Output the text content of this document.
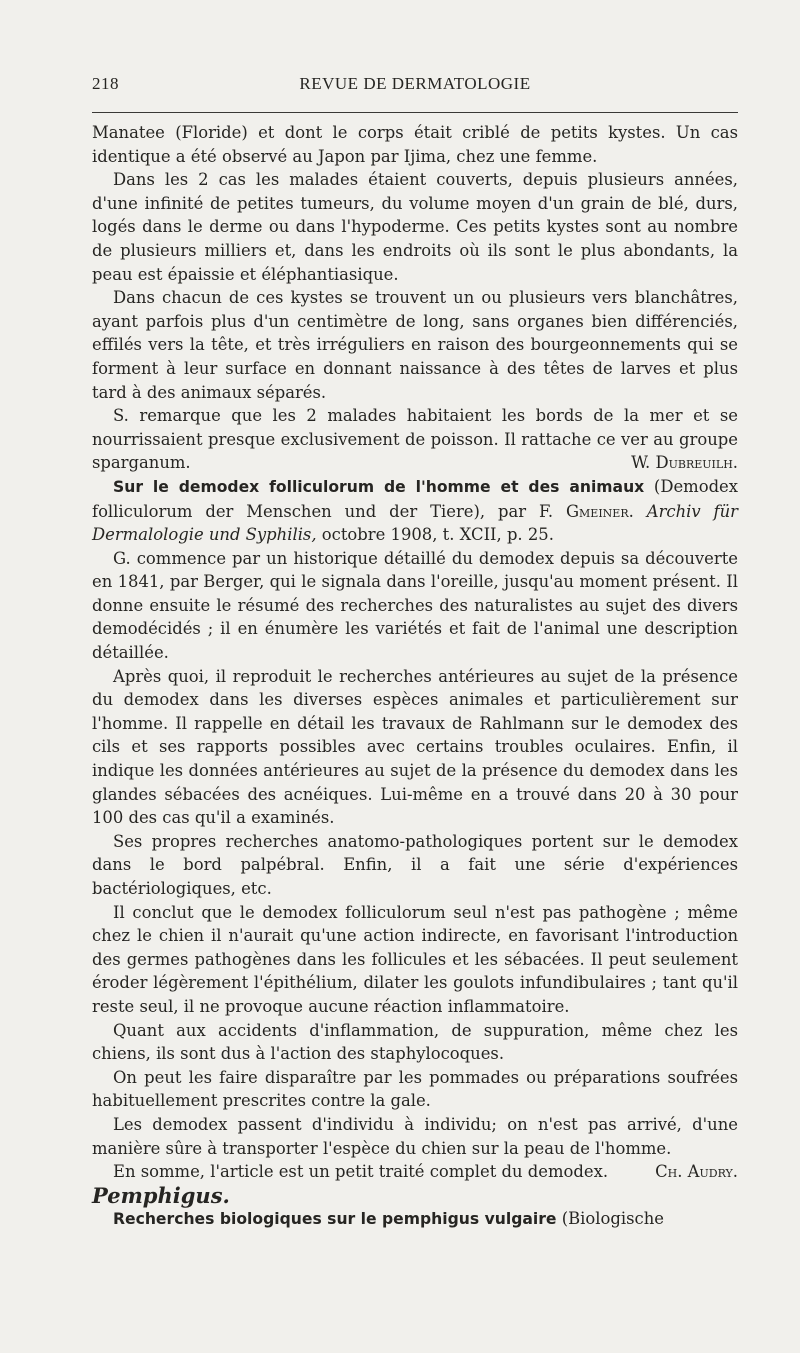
218	REVUE DE DERMATOLOGIE

Manatee (Floride) et dont le corps était criblé de petits kystes. Un cas identique a été observé au Japon par Ijima, chez une femme.

Dans les 2 cas les malades étaient couverts, depuis plusieurs années, d'une infinité de petites tumeurs, du volume moyen d'un grain de blé, durs, logés dans le derme ou dans l'hypoderme. Ces petits kystes sont au nombre de plusieurs milliers et, dans les endroits où ils sont le plus abondants, la peau est épaissie et éléphantiasique.

Dans chacun de ces kystes se trouvent un ou plusieurs vers blanchâtres, ayant parfois plus d'un centimètre de long, sans organes bien différenciés, effilés vers la tête, et très irréguliers en raison des bourgeonnements qui se forment à leur surface en donnant naissance à des têtes de larves et plus tard à des animaux séparés.

S. remarque que les 2 malades habitaient les bords de la mer et se nourrissaient presque exclusivement de poisson. Il rattache ce ver au groupe sparganum.	W. Dubreuilh.

Sur le demodex folliculorum de l'homme et des animaux (Demodex folliculorum der Menschen und der Tiere), par F. Gmeiner. Archiv für Dermalologie und Syphilis, octobre 1908, t. XCII, p. 25.

G. commence par un historique détaillé du demodex depuis sa découverte en 1841, par Berger, qui le signala dans l'oreille, jusqu'au moment présent. Il donne ensuite le résumé des recherches des naturalistes au sujet des divers demodécidés ; il en énumère les variétés et fait de l'animal une description détaillée.

Après quoi, il reproduit le recherches antérieures au sujet de la présence du demodex dans les diverses espèces animales et particulièrement sur l'homme. Il rappelle en détail les travaux de Rahlmann sur le demodex des cils et ses rapports possibles avec certains troubles oculaires. Enfin, il indique les données antérieures au sujet de la présence du demodex dans les glandes sébacées des acnéiques. Lui-même en a trouvé dans 20 à 30 pour 100 des cas qu'il a examinés.

Ses propres recherches anatomo-pathologiques portent sur le demodex dans le bord palpébral. Enfin, il a fait une série d'expériences bactériologiques, etc.

Il conclut que le demodex folliculorum seul n'est pas pathogène ; même chez le chien il n'aurait qu'une action indirecte, en favorisant l'introduction des germes pathogènes dans les follicules et les sébacées. Il peut seulement éroder légèrement l'épithélium, dilater les goulots infundibulaires ; tant qu'il reste seul, il ne provoque aucune réaction inflammatoire.

Quant aux accidents d'inflammation, de suppuration, même chez les chiens, ils sont dus à l'action des staphylocoques.

On peut les faire disparaître par les pommades ou préparations soufrées habituellement prescrites contre la gale.

Les demodex passent d'individu à individu; on n'est pas arrivé, d'une manière sûre à transporter l'espèce du chien sur la peau de l'homme.

En somme, l'article est un petit traité complet du demodex.	Ch. Audry.

Pemphigus.

Recherches biologiques sur le pemphigus vulgaire (Biologische
